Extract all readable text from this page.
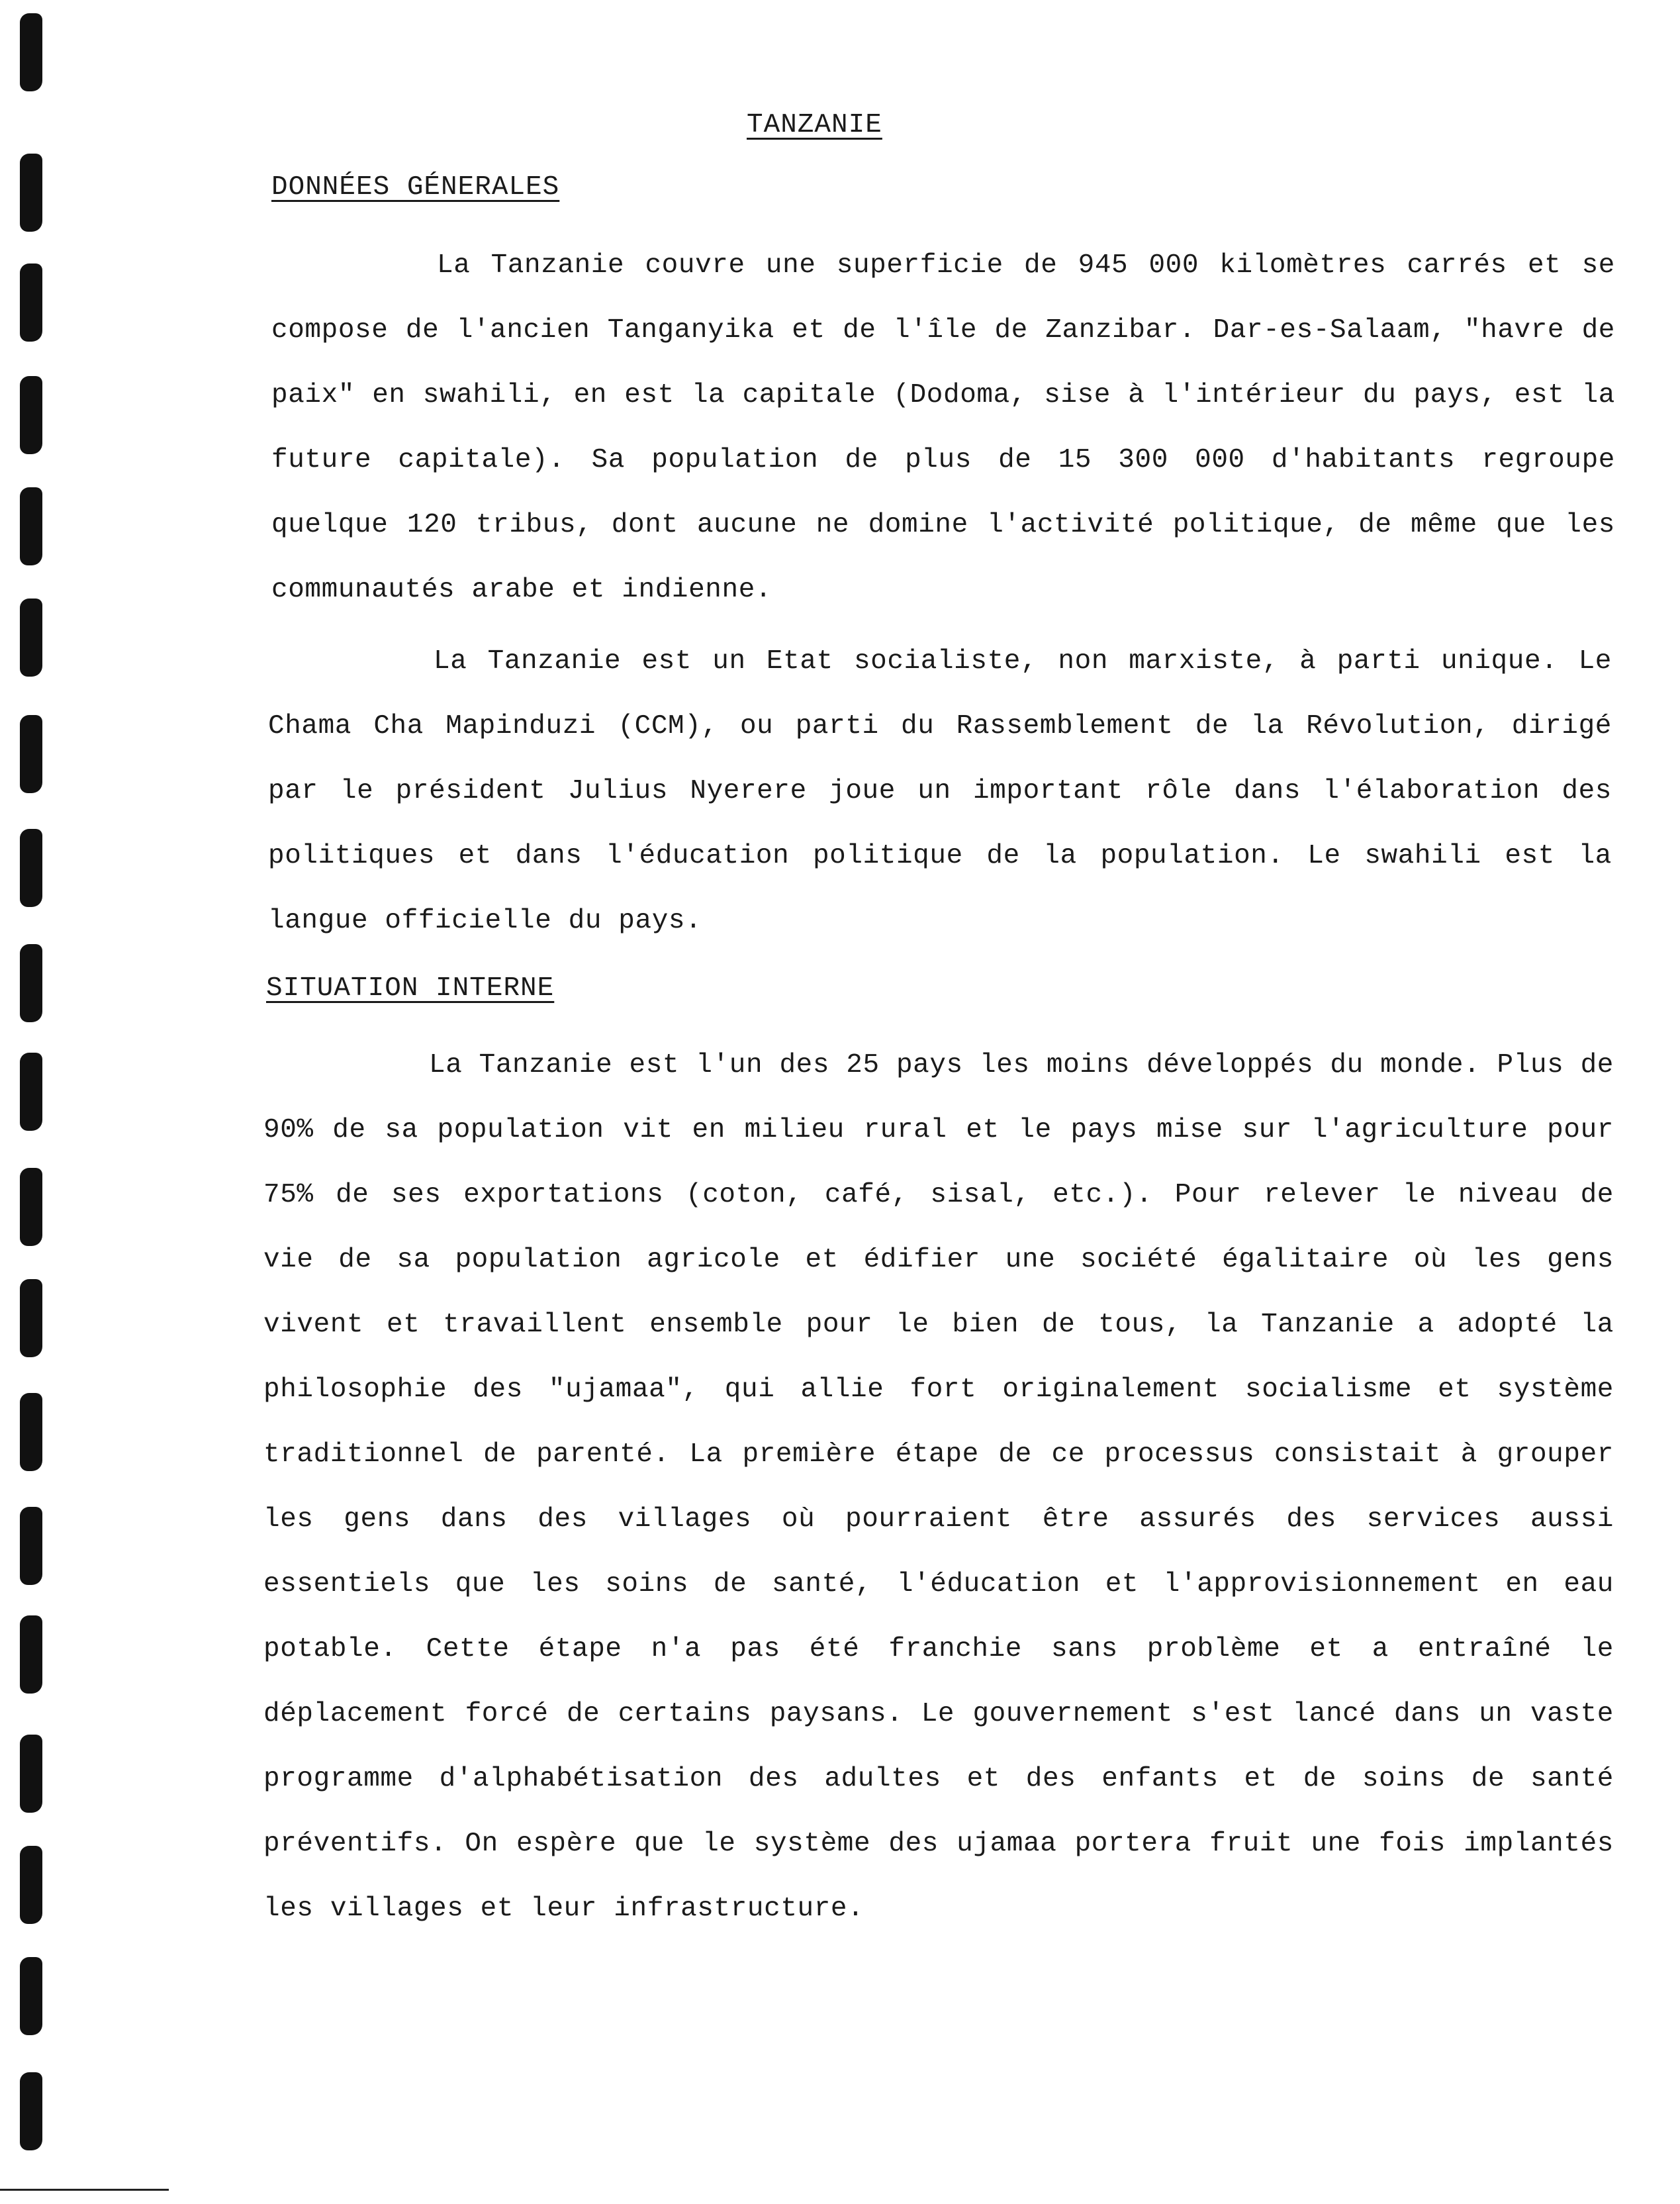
TANZANIE
DONNÉES GÉNERALES
La Tanzanie couvre une superficie de 945 000 kilomètres carrés et se compose de l'ancien Tanganyika et de l'île de Zanzibar. Dar-es-Salaam, "havre de paix" en swahili, en est la capitale (Dodoma, sise à l'intérieur du pays, est la future capitale). Sa population de plus de 15 300 000 d'habitants regroupe quelque 120 tribus, dont aucune ne domine l'activité politique, de même que les communautés arabe et indienne.
La Tanzanie est un Etat socialiste, non marxiste, à parti unique. Le Chama Cha Mapinduzi (CCM), ou parti du Rassemblement de la Révolution, dirigé par le président Julius Nyerere joue un important rôle dans l'élaboration des politiques et dans l'éducation politique de la population. Le swahili est la langue officielle du pays.
SITUATION INTERNE
La Tanzanie est l'un des 25 pays les moins développés du monde. Plus de 90% de sa population vit en milieu rural et le pays mise sur l'agriculture pour 75% de ses exportations (coton, café, sisal, etc.). Pour relever le niveau de vie de sa population agricole et édifier une société égalitaire où les gens vivent et travaillent ensemble pour le bien de tous, la Tanzanie a adopté la philosophie des "ujamaa", qui allie fort originalement socialisme et système traditionnel de parenté. La première étape de ce processus consistait à grouper les gens dans des villages où pourraient être assurés des services aussi essentiels que les soins de santé, l'éducation et l'approvisionnement en eau potable. Cette étape n'a pas été franchie sans problème et a entraîné le déplacement forcé de certains paysans. Le gouvernement s'est lancé dans un vaste programme d'alphabétisation des adultes et des enfants et de soins de santé préventifs. On espère que le système des ujamaa portera fruit une fois implantés les villages et leur infrastructure.
